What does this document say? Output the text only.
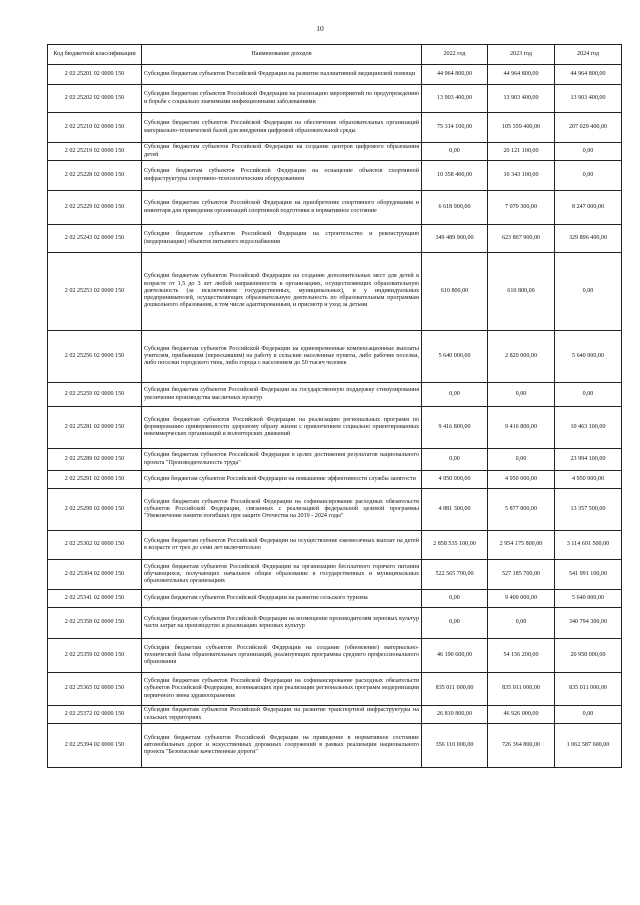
10
Код бюджетной классификации	Наименование доходов	2022 год	2023 год	2024 год
2 02 25201 02 0000 150	Субсидии бюджетам субъектов Российской Федерации на развитие паллиативной медицинской помощи	44 964 800,00	44 964 800,00	44 964 800,00
2 02 25202 02 0000 150	Субсидии бюджетам субъектов Российской Федерации на реализацию мероприятий по предупреждению и борьбе с социально значимыми инфекционными заболеваниями	13 903 400,00	13 903 400,00	13 903 400,00
2 02 25210 02 0000 150	Субсидии бюджетам субъектов Российской Федерации на обеспечение образовательных организаций материально-технической базой для внедрения цифровой образовательной среды	75 314 100,00	105 359 400,00	207 029 400,00
2 02 25219 02 0000 150	Субсидии бюджетам субъектов Российской Федерации на создание центров цифрового образования детей	0,00	20 121 100,00	0,00
2 02 25228 02 0000 150	Субсидии бюджетам субъектов Российской Федерации на оснащение объектов спортивной инфраструктуры спортивно-технологическим оборудованием	10 358 400,00	10 343 100,00	0,00
2 02 25229 02 0000 150	Субсидии бюджетам субъектов Российской Федерации на приобретение спортивного оборудования и инвентаря для приведения организаций спортивной подготовки в нормативное состояние	6 618 900,00	7 070 300,00	8 247 000,00
2 02 25243 02 0000 150	Субсидии бюджетам субъектов Российской Федерации на строительство и реконструкцию (модернизацию) объектов питьевого водоснабжения	349 489 900,00	623 867 900,00	329 896 400,00
2 02 25253 02 0000 150	Субсидии бюджетам субъектов Российской Федерации на создание дополнительных мест для детей в возрасте от 1,5 до 3 лет любой направленности в организациях, осуществляющих образовательную деятельность (за исключением государственных, муниципальных), и у индивидуальных предпринимателей, осуществляющих образовательную деятельность по образовательным программам дошкольного образования, в том числе адаптированным, и присмотр и уход за детьми	610 800,00	610 800,00	0,00
2 02 25256 02 0000 150	Субсидии бюджетам субъектов Российской Федерации на единовременные компенсационные выплаты учителям, прибывшим (переехавшим) на работу в сельские населенные пункты, либо рабочие поселки, либо поселки городского типа, либо города с населением до 50 тысяч человек	5 640 000,00	2 820 000,00	5 640 000,00
2 02 25259 02 0000 150	Субсидии бюджетам субъектов Российской Федерации на государственную поддержку стимулирования увеличения производства масличных культур	0,00	0,00	0,00
2 02 25281 02 0000 150	Субсидии бюджетам субъектов Российской Федерации на реализацию региональных программ по формированию приверженности здоровому образу жизни с привлечением социально ориентированных некоммерческих организаций и волонтерских движений	9 416 800,00	9 416 800,00	10 463 100,00
2 02 25289 02 0000 150	Субсидии бюджетам субъектов Российской Федерации в целях достижения результатов национального проекта "Производительность труда"	0,00	0,00	23 994 100,00
2 02 25291 02 0000 150	Субсидии бюджетам субъектов Российской Федерации на повышение эффективности службы занятости	4 950 000,00	4 950 000,00	4 950 000,00
2 02 25299 02 0000 150	Субсидии бюджетам субъектов Российской Федерации на софинансирование расходных обязательств субъектов Российской Федерации, связанных с реализацией федеральной целевой программы "Увековечение памяти погибших при защите Отечества на 2019 - 2024 годы"	4 881 300,00	5 877 800,00	13 357 500,00
2 02 25302 02 0000 150	Субсидии бюджетам субъектов Российской Федерации на осуществление ежемесячных выплат на детей в возрасте от трех до семи лет включительно	2 858 535 100,00	2 954 175 800,00	3 114 691 500,00
2 02 25304 02 0000 150	Субсидии бюджетам субъектов Российской Федерации на организацию бесплатного горячего питания обучающихся, получающих начальное общее образование в государственных и муниципальных образовательных организациях	522 565 700,00	527 185 700,00	541 991 100,00
2 02 25341 02 0000 150	Субсидии бюджетам субъектов Российской Федерации на развитие сельского туризма	0,00	9 400 000,00	5 640 000,00
2 02 25358 02 0000 150	Субсидии бюджетам субъектов Российской Федерации на возмещение производителям зерновых культур части затрат на производство и реализацию зерновых культур	0,00	0,00	340 794 300,00
2 02 25359 02 0000 150	Субсидии бюджетам субъектов Российской Федерации на создание (обновление) материально-технической базы образовательных организаций, реализующих программы среднего профессионального образования	46 190 600,00	54 156 200,00	20 958 000,00
2 02 25365 02 0000 150	Субсидии бюджетам субъектов Российской Федерации на софинансирование расходных обязательств субъектов Российской Федерации, возникающих при реализации региональных программ модернизации первичного звена здравоохранения	835 011 000,00	835 011 000,00	835 011 000,00
2 02 25372 02 0000 150	Субсидии бюджетам субъектов Российской Федерации на развитие транспортной инфраструктуры на сельских территориях	26 810 800,00	46 926 000,00	0,00
2 02 25394 02 0000 150	Субсидии бюджетам субъектов Российской Федерации на приведение в нормативное состояние автомобильных дорог и искусственных дорожных сооружений в рамках реализации национального проекта "Безопасные качественные дороги"	356 110 000,00	726 364 800,00	1 062 587 600,00
